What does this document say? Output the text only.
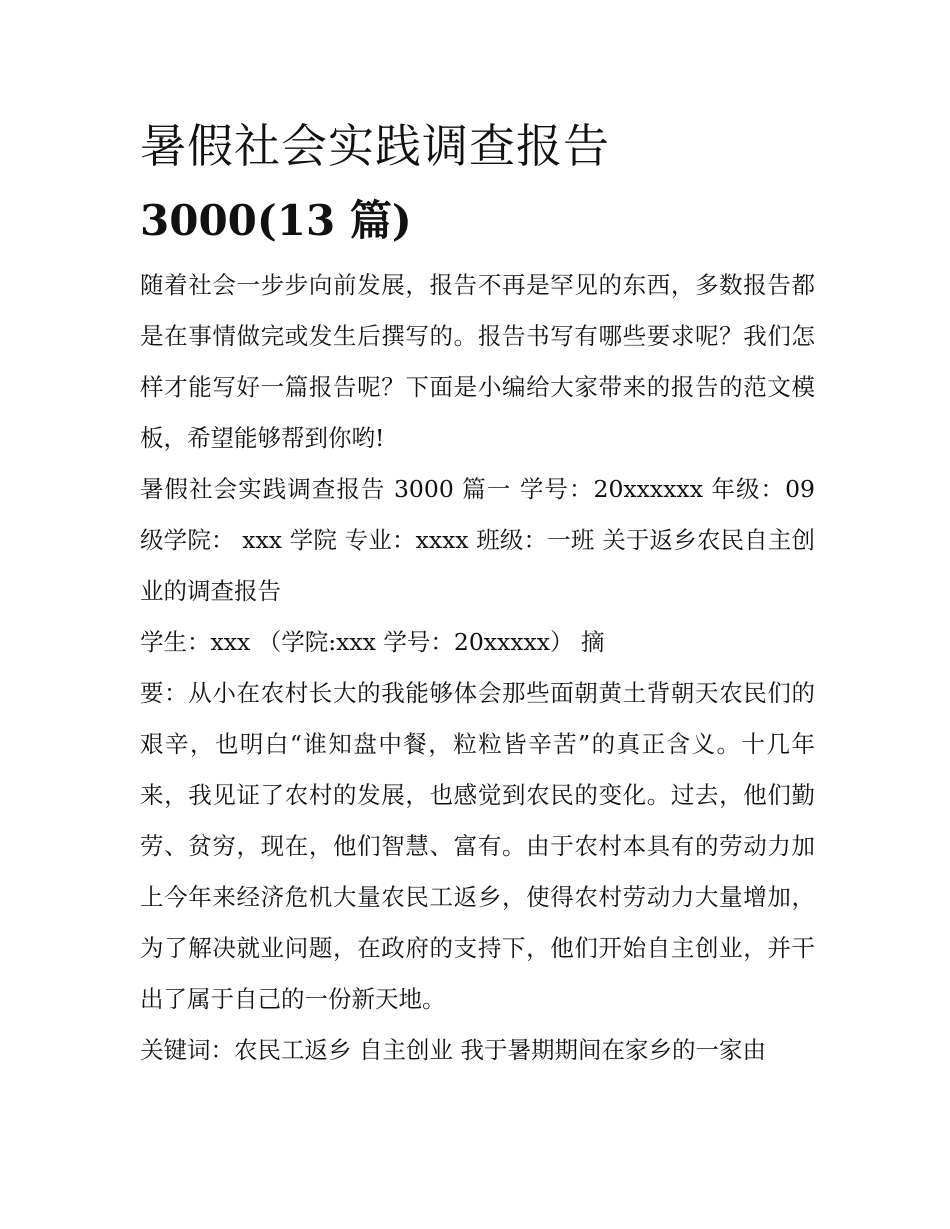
暑假社会实践调查报告
3000(13 篇)

随着社会一步步向前发展，报告不再是罕见的东西，多数报告都是在事情做完或发生后撰写的。报告书写有哪些要求呢？我们怎样才能写好一篇报告呢？下面是小编给大家带来的报告的范文模板，希望能够帮到你哟!

暑假社会实践调查报告 3000 篇一 学号：20xxxxxx 年级：09 级学院： xxx 学院 专业：xxxx 班级：一班 关于返乡农民自主创业的调查报告

学生：xxx （学院:xxx 学号：20xxxxx） 摘

要：从小在农村长大的我能够体会那些面朝黄土背朝天农民们的艰辛，也明白“谁知盘中餐，粒粒皆辛苦”的真正含义。十几年来，我见证了农村的发展，也感觉到农民的变化。过去，他们勤劳、贫穷，现在，他们智慧、富有。由于农村本具有的劳动力加上今年来经济危机大量农民工返乡，使得农村劳动力大量增加，为了解决就业问题，在政府的支持下，他们开始自主创业，并干出了属于自己的一份新天地。

关键词：农民工返乡 自主创业 我于暑期期间在家乡的一家由
